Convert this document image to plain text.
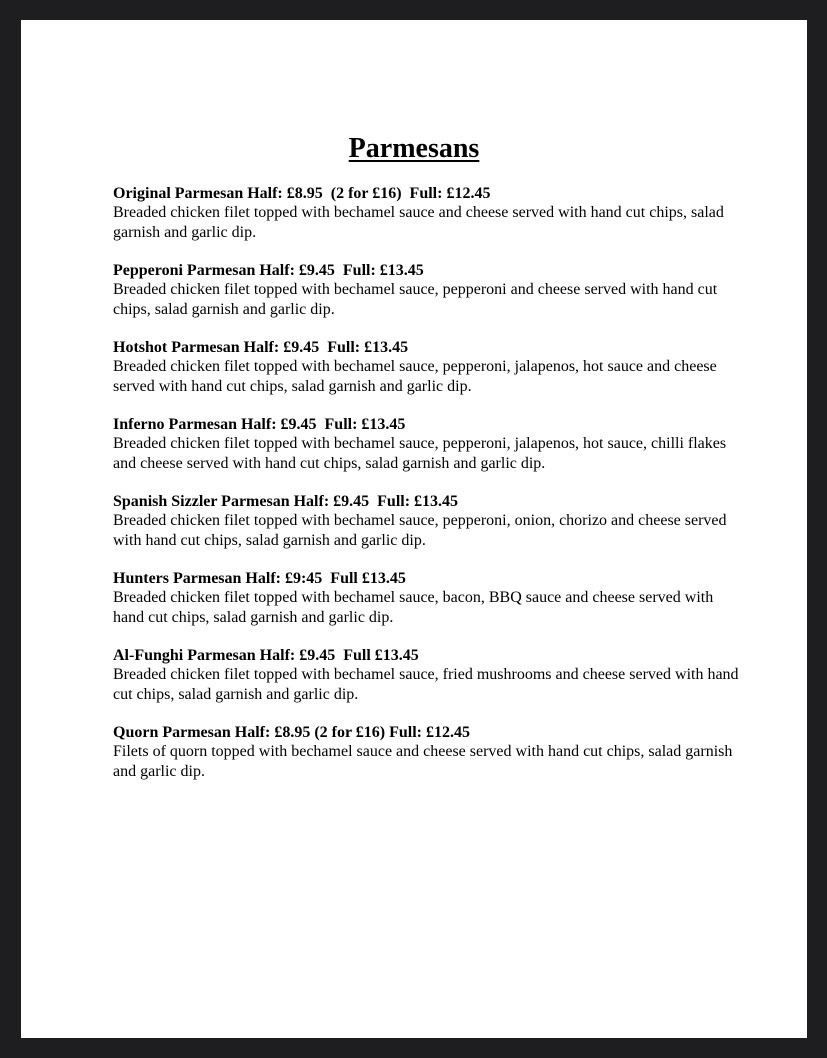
Parmesans
Original Parmesan Half: £8.95  (2 for £16)  Full: £12.45
Breaded chicken filet topped with bechamel sauce and cheese served with hand cut chips, salad garnish and garlic dip.
Pepperoni Parmesan Half: £9.45  Full: £13.45
Breaded chicken filet topped with bechamel sauce, pepperoni and cheese served with hand cut chips, salad garnish and garlic dip.
Hotshot Parmesan Half: £9.45  Full: £13.45
Breaded chicken filet topped with bechamel sauce, pepperoni, jalapenos, hot sauce and cheese served with hand cut chips, salad garnish and garlic dip.
Inferno Parmesan Half: £9.45  Full: £13.45
Breaded chicken filet topped with bechamel sauce, pepperoni, jalapenos, hot sauce, chilli flakes and cheese served with hand cut chips, salad garnish and garlic dip.
Spanish Sizzler Parmesan Half: £9.45  Full: £13.45
Breaded chicken filet topped with bechamel sauce, pepperoni, onion, chorizo and cheese served with hand cut chips, salad garnish and garlic dip.
Hunters Parmesan Half: £9:45  Full £13.45
Breaded chicken filet topped with bechamel sauce, bacon, BBQ sauce and cheese served with hand cut chips, salad garnish and garlic dip.
Al-Funghi Parmesan Half: £9.45  Full £13.45
Breaded chicken filet topped with bechamel sauce, fried mushrooms and cheese served with hand cut chips, salad garnish and garlic dip.
Quorn Parmesan Half: £8.95 (2 for £16) Full: £12.45
Filets of quorn topped with bechamel sauce and cheese served with hand cut chips, salad garnish and garlic dip.
